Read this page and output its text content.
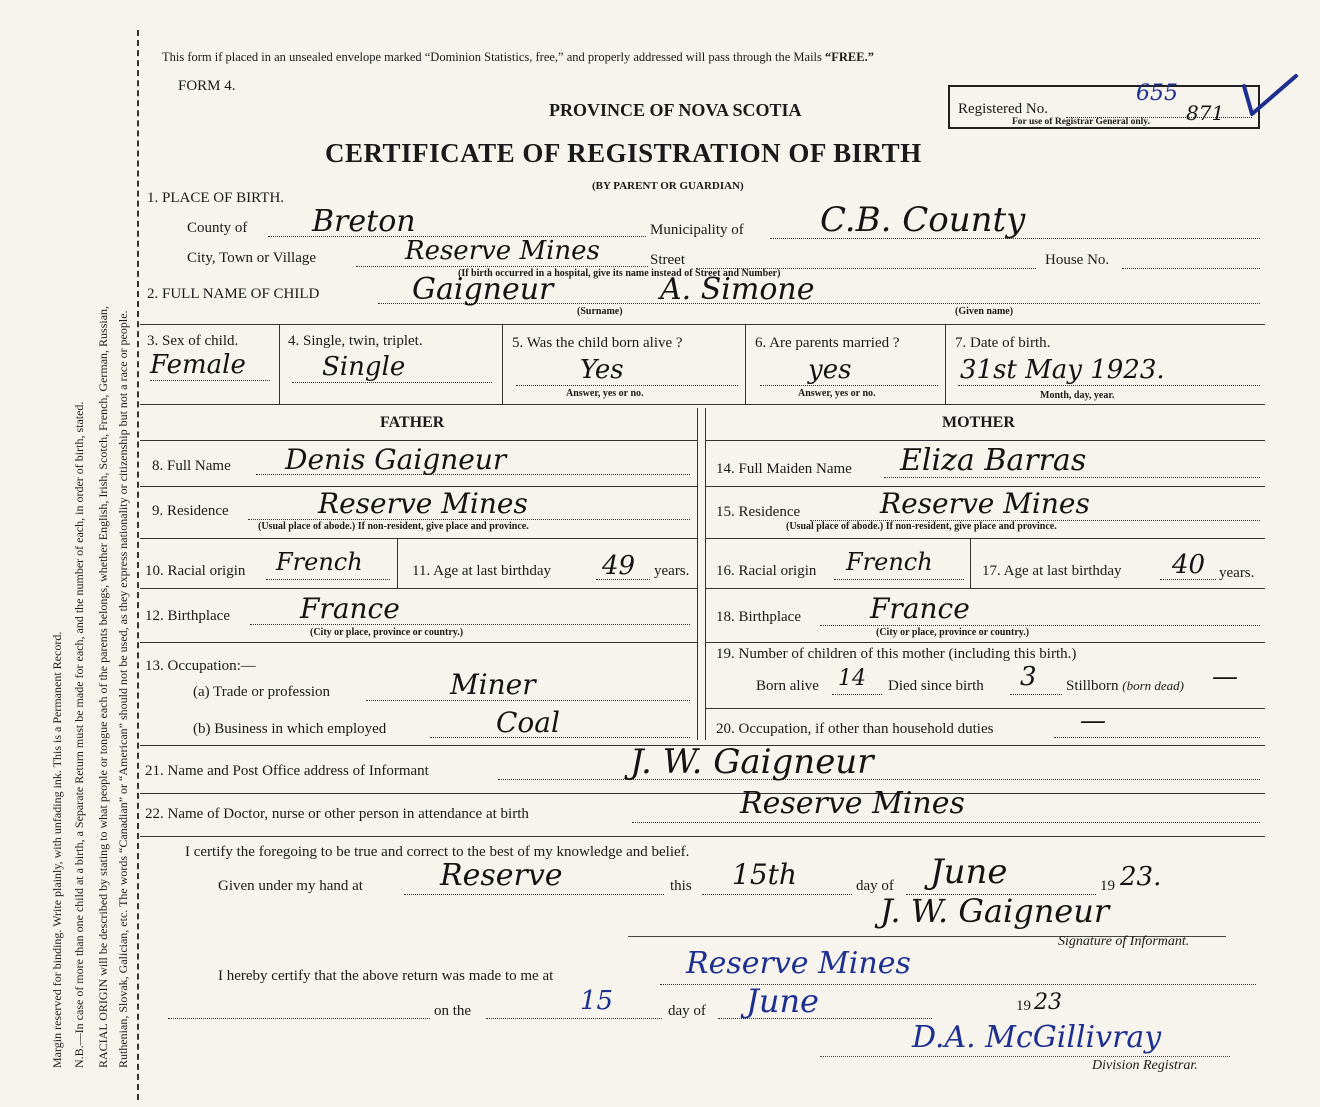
Margin reserved for binding. Write plainly, with unfading ink. This is a Permanent Record. N.B.—In case of more than one child at a birth, a Separate Return must be made for each, and the number of each, in order of birth, stated. RACIAL ORIGIN will be described by stating to what people or tongue each of the parents belongs, whether English, Irish, Scotch, French, German, Russian, Ruthenian, Slovak, Galician, etc. The words “Canadian” or “American” should not be used, as they express nationality or citizenship but not a race or people.
This form if placed in an unsealed envelope marked “Dominion Statistics, free,” and properly addressed will pass through the Mails “FREE.”
FORM 4.
PROVINCE OF NOVA SCOTIA
CERTIFICATE OF REGISTRATION OF BIRTH
(BY PARENT OR GUARDIAN)
Registered No.
For use of Registrar General only.
655
871
1. PLACE OF BIRTH.
County of Breton	Municipality of C.B. County
City, Town or Village	Reserve Mines	Street	House No.
(If birth occurred in a hospital, give its name instead of Street and Number)
2. FULL NAME OF CHILD	Gaigneur	A. Simone
(Surname)	(Given name)
3. Sex of child.
Female
4. Single, twin, triplet.
Single
5. Was the child born alive ?
Yes
Answer, yes or no.
6. Are parents married ?
yes
Answer, yes or no.
7. Date of birth.
31st May 1923.
Month, day, year.
FATHER	MOTHER
8. Full Name Denis Gaigneur
9. Residence	Reserve Mines
(Usual place of abode.) If non-resident, give place and province.
10. Racial origin French	11. Age at last birthday 49 years.
12. Birthplace	France
(City or place, province or country.)
13. Occupation:—
(a) Trade or profession	Miner
(b) Business in which employed	Coal
14. Full Maiden Name Eliza Barras
15. Residence	Reserve Mines
(Usual place of abode.) If non-resident, give place and province.
16. Racial origin French	17. Age at last birthday 40 years.
18. Birthplace France
(City or place, province or country.)
19. Number of children of this mother (including this birth.)
Born alive 14 Died since birth 3 Stillborn (born dead) —
20. Occupation, if other than household duties	—
21. Name and Post Office address of Informant	J. W. Gaigneur
22. Name of Doctor, nurse or other person in attendance at birth	Reserve Mines
I certify the foregoing to be true and correct to the best of my knowledge and belief.
Given under my hand at	Reserve	this 15th	day of June	19 23.
J. W. Gaigneur
Signature of Informant.
I hereby certify that the above return was made to me at	Reserve Mines
on the	15	day of June	19 23
D.A. McGillivray
Division Registrar.
